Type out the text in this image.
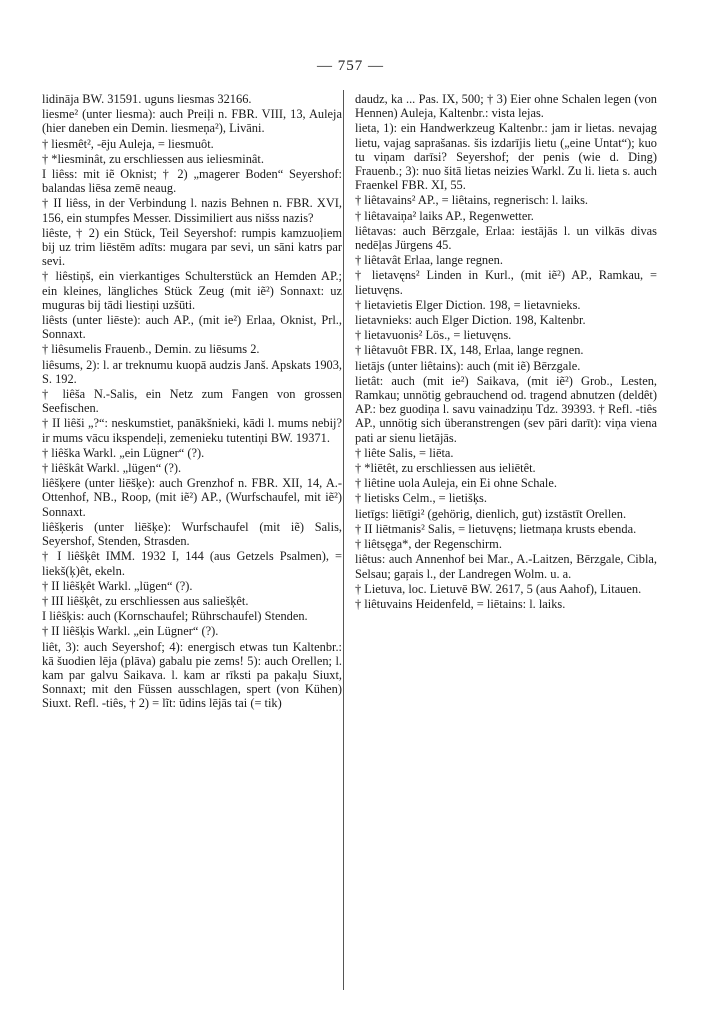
— 757 —
lidināja BW. 31591. uguns liesmas 32166.
liesme² (unter liesma): auch Preiļi n. FBR. VIII, 13, Auleja (hier daneben ein Demin. liesmeņa²), Livāni.
† liesmêt², -ēju Auleja, = liesmuôt.
† *liesminât, zu erschliessen aus ieliesminât.
I liêss: mit iẽ Oknist; † 2) „magerer Boden“ Seyershof: balandas liēsa zemē neaug.
† II liêss, in der Verbindung l. nazis Behnen n. FBR. XVI, 156, ein stumpfes Messer. Dissimiliert aus nišss nazis?
liêste, † 2) ein Stück, Teil Seyershof: rumpis kamzuoļiem bij uz trim liēstēm adīts: mugara par sevi, un sāni katrs par sevi.
† liêstiņš, ein vierkantiges Schulterstück an Hemden AP.; ein kleines, längliches Stück Zeug (mit iẽ²) Sonnaxt: uz muguras bij tādi liestiņi uzšūti.
liêsts (unter liēste): auch AP., (mit ie²) Erlaa, Oknist, Prl., Sonnaxt.
† liêsumelis Frauenb., Demin. zu liēsums 2.
liêsums, 2): l. ar treknumu kuopā audzis Janš. Apskats 1903, S. 192.
† liêša N.-Salis, ein Netz zum Fangen von grossen Seefischen.
† II liêši „?“: neskumstiet, panākšnieki, kādi l. mums nebij? ir mums vācu ikspendeļi, zemenieku tutentiņi BW. 19371.
† liêška Warkl. „ein Lügner“ (?).
† liêškât Warkl. „lügen“ (?).
liêšķere (unter liēšķe): auch Grenzhof n. FBR. XII, 14, A.-Ottenhof, NB., Roop, (mit iẽ²) AP., (Wurfschaufel, mit iẽ²) Sonnaxt.
liêšķeris (unter liēšķe): Wurfschaufel (mit iẽ) Salis, Seyershof, Stenden, Strasden.
† I liêšķêt IMM. 1932 I, 144 (aus Getzels Psalmen), = liekš(ķ)êt, ekeln.
† II liêšķêt Warkl. „lügen“ (?).
† III liêšķêt, zu erschliessen aus saliešķêt.
I liêšķis: auch (Kornschaufel; Rührschaufel) Stenden.
† II liêšķis Warkl. „ein Lügner“ (?).
liêt, 3): auch Seyershof; 4): energisch etwas tun Kaltenbr.: kā šuodien lēja (plāva) gabalu pie zems! 5): auch Orellen; l. kam par galvu Saikava. l. kam ar rīksti pa pakaļu Siuxt, Sonnaxt; mit den Füssen ausschlagen, spert (von Kühen) Siuxt. Refl. -tiês, † 2) = lĩt: ūdins lējās tai (= tik)
daudz, ka ... Pas. IX, 500; † 3) Eier ohne Schalen legen (von Hennen) Auleja, Kaltenbr.: vista lejas.
lieta, 1): ein Handwerkzeug Kaltenbr.: jam ir lietas. nevajag lietu, vajag saprašanas. šis izdarījis lietu („eine Untat“); kuo tu viņam darīsi? Seyershof; der penis (wie d. Ding) Frauenb.; 3): nuo šitā lietas neizies Warkl. Zu li. lieta s. auch Fraenkel FBR. XI, 55.
† liêtavains² AP., = liêtains, regnerisch: l. laiks.
† liêtavaiņa² laiks AP., Regenwetter.
liêtavas: auch Bērzgale, Erlaa: iestājās l. un vilkās divas nedēļas Jürgens 45.
† liêtavât Erlaa, lange regnen.
† lietavęns² Linden in Kurl., (mit iẽ²) AP., Ramkau, = lietuvęns.
† lietavietis Elger Diction. 198, = lietavnieks.
lietavnieks: auch Elger Diction. 198, Kaltenbr.
† lietavuonis² Lös., = lietuvęns.
† liêtavuôt FBR. IX, 148, Erlaa, lange regnen.
lietājs (unter liêtains): auch (mit iẽ) Bērzgale.
lietât: auch (mit ie²) Saikava, (mit iẽ²) Grob., Lesten, Ramkau; unnötig gebrauchend od. tragend abnutzen (deldêt) AP.: bez guodiņa l. savu vainadziņu Tdz. 39393. † Refl. -tiês AP., unnötig sich überanstrengen (sev pāri darīt): viņa viena pati ar sienu lietājās.
† liête Salis, = liēta.
† *liētêt, zu erschliessen aus ieliētêt.
† liêtine uola Auleja, ein Ei ohne Schale.
† lietisks Celm., = lietišķs.
lietīgs: liētīgi² (gehörig, dienlich, gut) izstāstīt Orellen.
† II liētmanis² Salis, = lietuvęns; lietmaņa krusts ebenda.
† liêtsęga*, der Regenschirm.
liêtus: auch Annenhof bei Mar., A.-Laitzen, Bērzgale, Cibla, Selsau; gaŗais l., der Landregen Wolm. u. a.
† Lietuva, loc. Lietuvē BW. 2617, 5 (aus Aahof), Litauen.
† liêtuvains Heidenfeld, = liētains: l. laiks.
